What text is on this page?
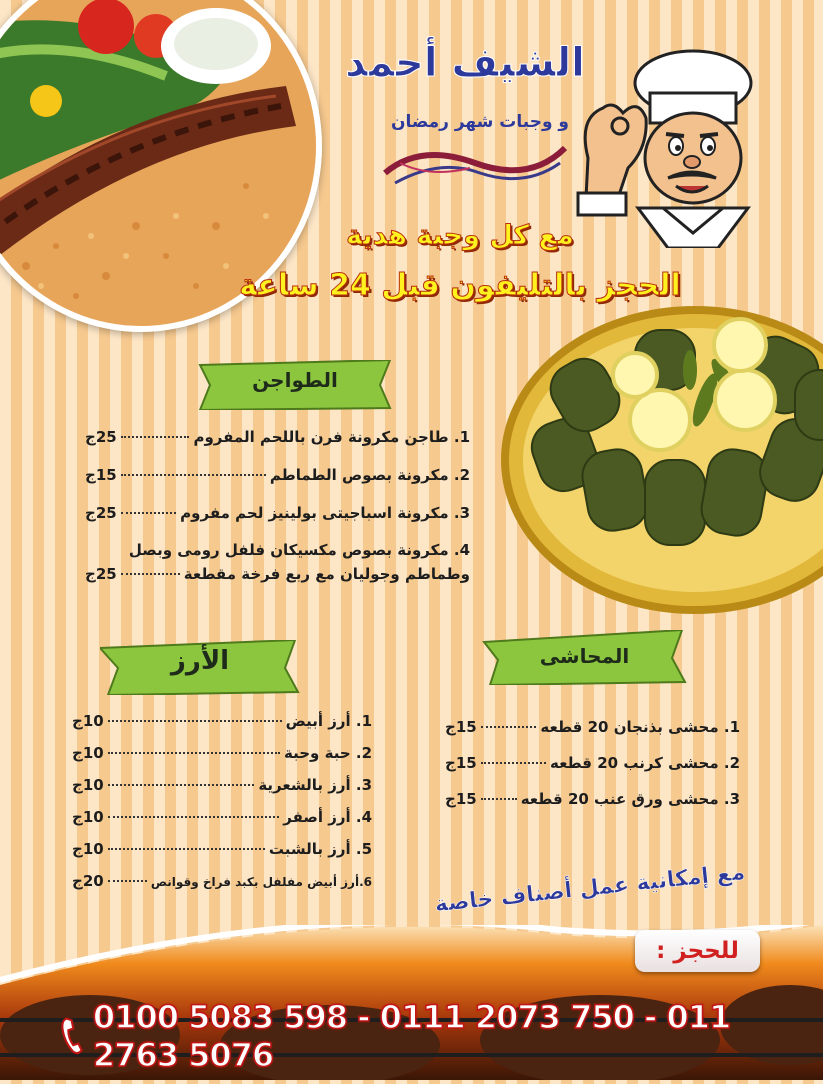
الشيف أحمد
و وجبات شهر رمضان
مع كل وجبة هدية
الحجز بالتليفون قبل 24 ساعة
الطواجن
1. طاجن مكرونة فرن باللحم المفروم
25ج
2. مكرونة بصوص الطماطم
15ج
3. مكرونة اسباجيتى بولينيز لحم مفروم
25ج
4. مكرونة بصوص مكسيكان فلفل رومى وبصل
وطماطم وجوليان مع ربع فرخة مقطعة
25ج
الأرز
1. أرز أبيض
10ج
2. حبة وحبة
10ج
3. أرز بالشعرية
10ج
4. أرز أصفر
10ج
5. أرز بالشبت
10ج
6.أرز أبيض مفلفل بكبد فراخ وقوانص
20ج
المحاشى
1. محشى بذنجان 20 قطعه
15ج
2. محشى كرنب 20 قطعه
15ج
3. محشى ورق عنب 20 قطعه
15ج
مع إمكانية عمل أصناف خاصة
للحجز :
0100 5083 598 - 0111 2073 750 - 011 2763 5076
